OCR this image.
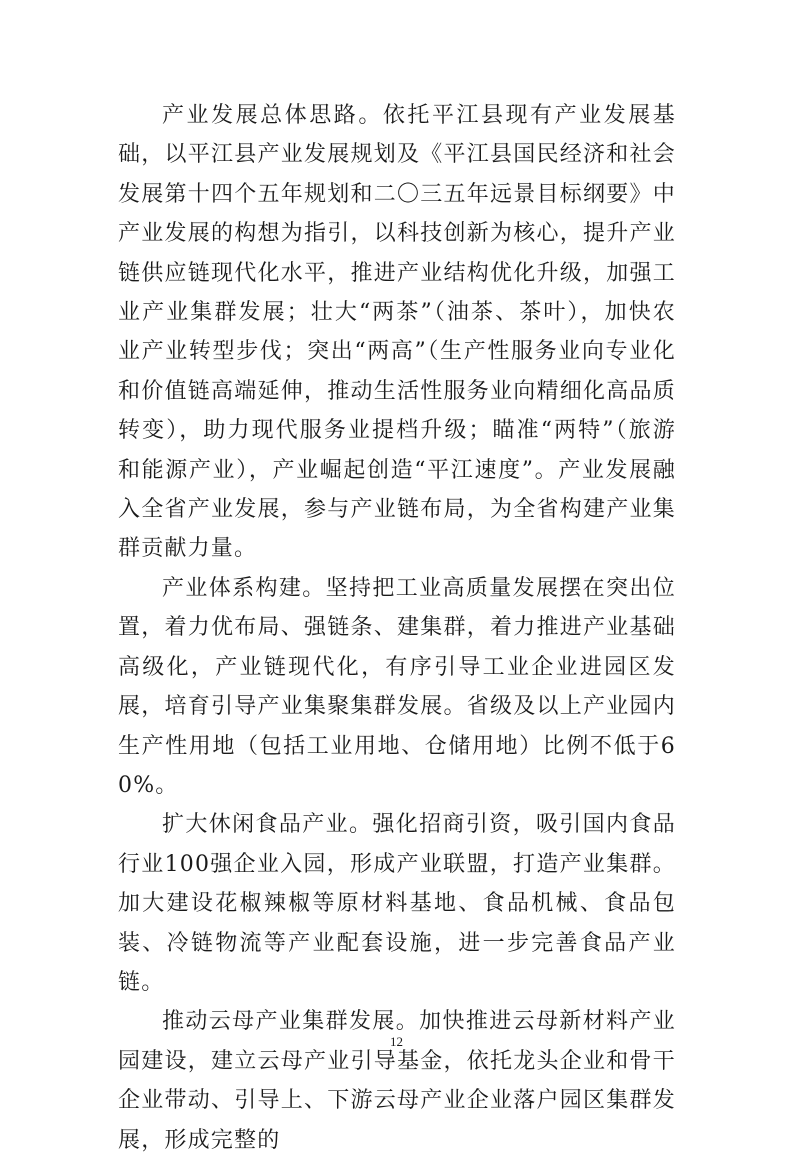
产业发展总体思路。依托平江县现有产业发展基础，以平江县产业发展规划及《平江县国民经济和社会发展第十四个五年规划和二〇三五年远景目标纲要》中产业发展的构想为指引，以科技创新为核心，提升产业链供应链现代化水平，推进产业结构优化升级，加强工业产业集群发展；壮大“两茶”（油茶、茶叶），加快农业产业转型步伐；突出“两高”（生产性服务业向专业化和价值链高端延伸，推动生活性服务业向精细化高品质转变），助力现代服务业提档升级；瞄准“两特”（旅游和能源产业），产业崛起创造“平江速度”。产业发展融入全省产业发展，参与产业链布局，为全省构建产业集群贡献力量。

产业体系构建。坚持把工业高质量发展摆在突出位置，着力优布局、强链条、建集群，着力推进产业基础高级化，产业链现代化，有序引导工业企业进园区发展，培育引导产业集聚集群发展。省级及以上产业园内生产性用地（包括工业用地、仓储用地）比例不低于60%。

扩大休闲食品产业。强化招商引资，吸引国内食品行业100强企业入园，形成产业联盟，打造产业集群。加大建设花椒辣椒等原材料基地、食品机械、食品包装、冷链物流等产业配套设施，进一步完善食品产业链。

推动云母产业集群发展。加快推进云母新材料产业园建设，建立云母产业引导基金，依托龙头企业和骨干企业带动、引导上、下游云母产业企业落户园区集群发展，形成完整的

12
